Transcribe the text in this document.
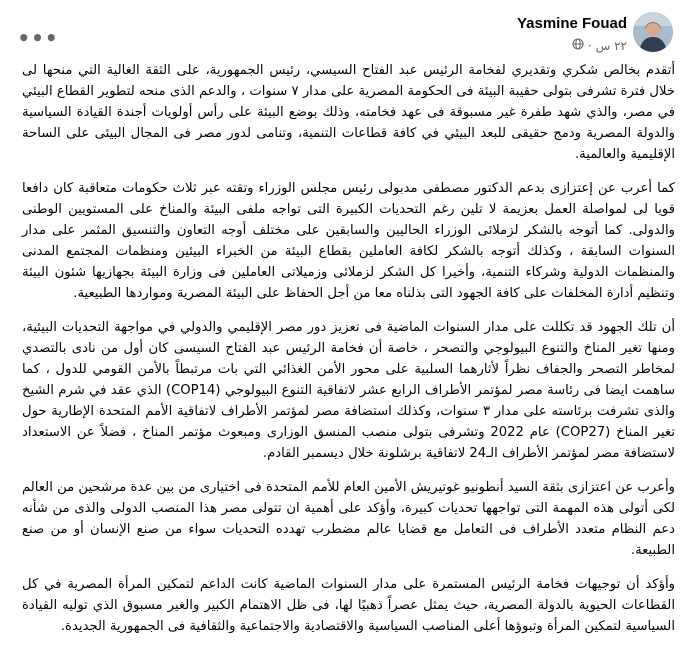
•••
Yasmine Fouad
٢٢ س
·

أتقدم بخالص شكري وتقديري لفخامة الرئيس عبد الفتاح السيسي، رئيس الجمهورية، على الثقة الغالية التي منحها لى خلال فترة تشرفى بتولى حقيبة البيئة فى الحكومة المصرية على مدار ٧ سنوات ، والدعم الذى منحه لتطوير القطاع البيئي في مصر، والذي شهد طفرة غير مسبوقة فى عهد فخامته، وذلك بوضع البيئة على رأس أولويات أجندة القيادة السياسية والدولة المصرية ودمج حقيقى للبعد البيئي في كافة قطاعات التنمية، وتنامى لدور مصر فى المجال البيئى على الساحة الإقليمية والعالمية.

كما أعرب عن إعتزازى بدعم الدكتور مصطفى مدبولى رئيس مجلس الوزراء وتقته عبر ثلاث حكومات متعاقبة كان دافعا قويا لى لمواصلة العمل بعزيمة لا تلين رغم التحديات الكبيرة التى تواجه ملفى البيئة والمناخ على المستويين الوطنى والدولى. كما أتوجه بالشكر لزملائى الوزراء الحاليين والسابقين على مختلف أوجه التعاون والتنسيق المثمر على مدار السنوات السابقة ، وكذلك أتوجه بالشكر لكافة العاملين بقطاع البيئة من الخبراء البيئين ومنظمات المجتمع المدنى والمنظمات الدولية وشركاء التنمية، وأخيرا كل الشكر لزملائى وزميلاتى العاملين فى وزارة البيئة بجهازيها شئون البيئة وتنظيم أدارة المخلفات على كافة الجهود التى بذلناه معا من أجل الحفاظ على البيئة المصرية ومواردها الطبيعية.

أن تلك الجهود قد تكللت على مدار السنوات الماضية فى تعزيز دور مصر الإقليمي والدولي في مواجهة التحديات البيئية، ومنها تغير المناخ والتنوع البيولوجي والتصحر ، خاصة أن فخامة الرئيس عبد الفتاح السيسى كان أول من نادى بالتصدي لمخاطر التصحر والجفاف نظراً لأثارهما السلبية على محور الأمن الغذائي التي بات مرتبطاً بالأمن القومي للدول ، كما ساهمت ايضا فى رئاسة مصر لمؤتمر الأطراف الرابع عشر لاتفاقية التنوع البيولوجي (COP14) الذي عقد في شرم الشيخ والذى تشرفت برئاسته على مدار ٣ سنوات، وكذلك استضافة مصر لمؤتمر الأطراف لاتفاقية الأمم المتحدة الإطارية حول تغير المناخ (COP27) عام 2022 وتشرفى بتولى منصب المنسق الوزارى ومبعوث مؤتمر المناخ ، فضلاً عن الاستعداد لاستضافة مصر لمؤتمر الأطراف الـ24 لاتفاقية برشلونة خلال ديسمبر القادم.

وأعرب عن اعتزازى بثقة السيد أنطونيو غوتيريش الأمين العام للأمم المتحدة فى اختيارى من بين عدة مرشحين من العالم لكى أتولى هذه المهمة التى تواجهها تحديات كبيرة، وأؤكد على أهمية ان تتولى مصر هذا المنصب الدولى والذى من شأنه دعم النظام متعدد الأطراف فى التعامل مع قضايا عالم مضطرب تهدده التحديات سواء من صنع الإنسان أو من صنع الطبيعة.

وأؤكد أن توجيهات فخامة الرئيس المستمرة على مدار السنوات الماضية كانت الداعم لتمكين المرأة المصرية في كل القطاعات الحيوية بالدولة المصرية، حيث يمثل عصراً ذهبيًا لها، فى ظل الاهتمام الكبير والغير مسبوق الذي توليه القيادة السياسية لتمكين المرأة وتبوؤها أعلى المناصب السياسية والاقتصادية والاجتماعية والثقافية فى الجمهورية الجديدة.
